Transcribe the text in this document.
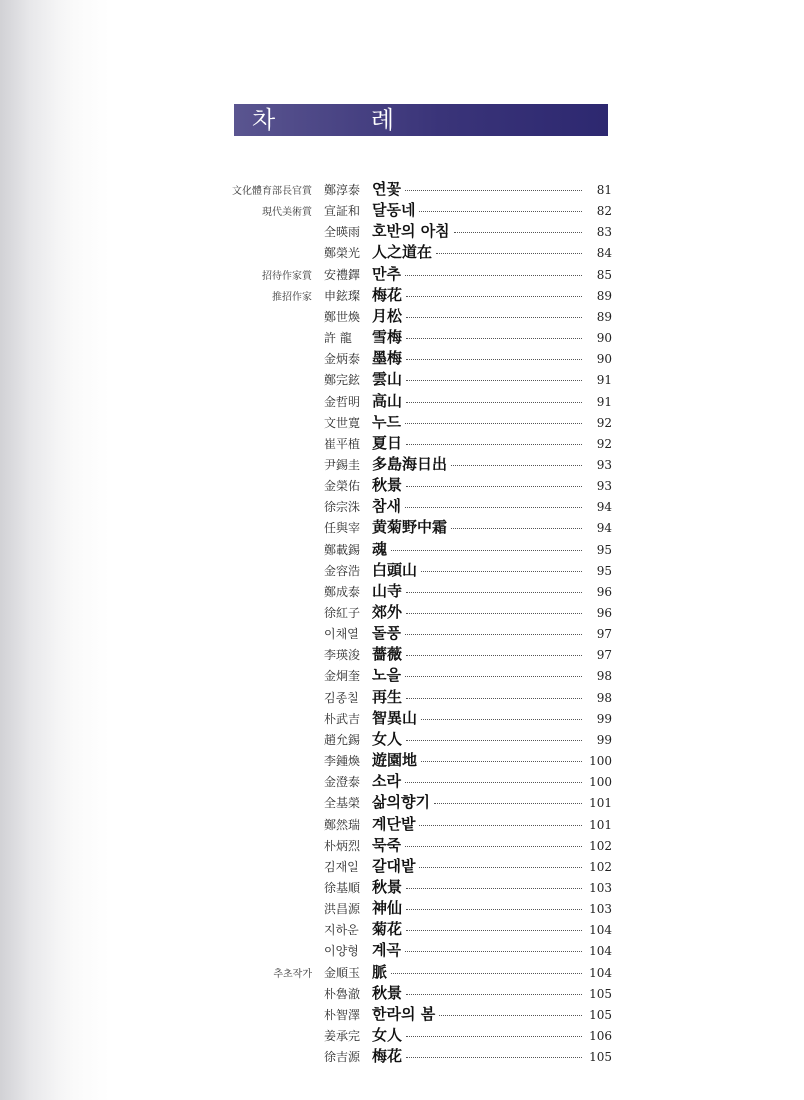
차 례
文化體育部長官賞 鄭淳泰 연꽃	81
現代美術賞 宣証和 달동네	82
全暎雨 호반의 아침	83
鄭榮光 人之道在	84
招待作家賞 安禮鐸 만추	85
推招作家 申鉉璨 梅花	89
鄭世煥 月松	89
許 龍 雪梅	90
金炳泰 墨梅	90
鄭完鉉 雲山	91
金哲明 高山	91
文世寛 누드	92
崔平植 夏日	92
尹錫圭 多島海日出	93
金榮佑 秋景	93
徐宗洙 참새	94
任與宰 黄菊野中霜	94
鄭載錫 魂	95
金容浩 白頭山	95
鄭成泰 山寺	96
徐紅子 郊外	96
이채열 돌풍	97
李瑛浚 薔薇	97
金炯奎 노을	98
김종칠 再生	98
朴武吉 智異山	99
趙允錫 女人	99
李鍾煥 遊園地	100
金澄泰 소라	100
全基榮 삶의향기	101
鄭然瑞 계단밭	101
朴炳烈 묵죽	102
김재일 갈대밭	102
徐基順 秋景	103
洪昌源 神仙	103
지하운 菊花	104
이양형 계곡	104
추초작가 金順玉 脈	104
朴魯澈 秋景	105
朴智澤 한라의 봄	105
姜承完 女人	106
徐吉源 梅花	105
